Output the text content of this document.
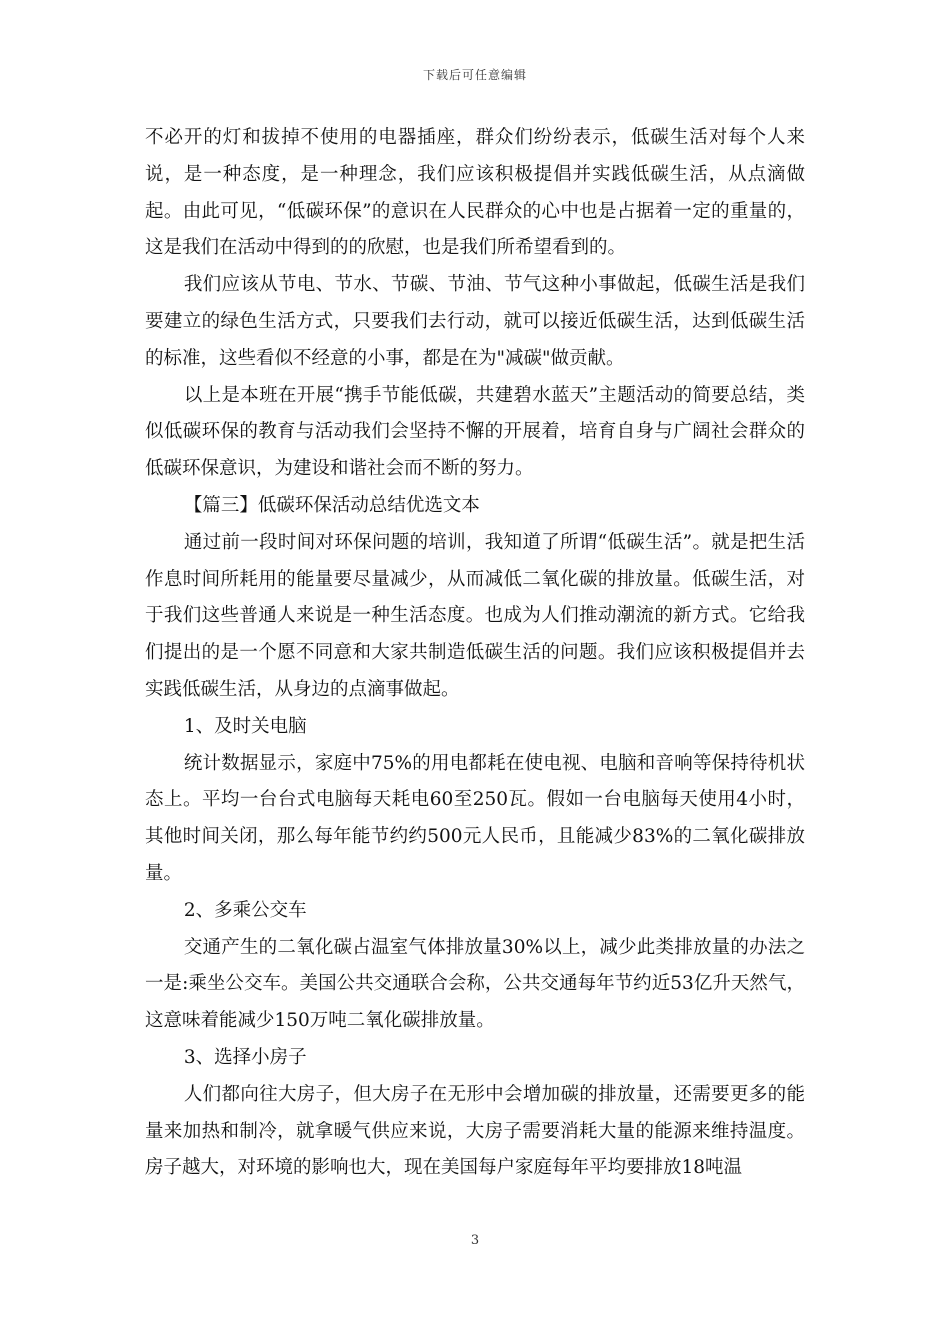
下载后可任意编辑

不必开的灯和拔掉不使用的电器插座，群众们纷纷表示，低碳生活对每个人来说，是一种态度，是一种理念，我们应该积极提倡并实践低碳生活，从点滴做起。由此可见，“低碳环保”的意识在人民群众的心中也是占据着一定的重量的，这是我们在活动中得到的的欣慰，也是我们所希望看到的。

我们应该从节电、节水、节碳、节油、节气这种小事做起，低碳生活是我们要建立的绿色生活方式，只要我们去行动，就可以接近低碳生活，达到低碳生活的标准，这些看似不经意的小事，都是在为"减碳"做贡献。

以上是本班在开展“携手节能低碳，共建碧水蓝天”主题活动的简要总结，类似低碳环保的教育与活动我们会坚持不懈的开展着，培育自身与广阔社会群众的低碳环保意识，为建设和谐社会而不断的努力。

【篇三】低碳环保活动总结优选文本

通过前一段时间对环保问题的培训，我知道了所谓“低碳生活”。就是把生活作息时间所耗用的能量要尽量减少，从而减低二氧化碳的排放量。低碳生活，对于我们这些普通人来说是一种生活态度。也成为人们推动潮流的新方式。它给我们提出的是一个愿不同意和大家共制造低碳生活的问题。我们应该积极提倡并去实践低碳生活，从身边的点滴事做起。

1、及时关电脑

统计数据显示，家庭中75%的用电都耗在使电视、电脑和音响等保持待机状态上。平均一台台式电脑每天耗电60至250瓦。假如一台电脑每天使用4小时，其他时间关闭，那么每年能节约约500元人民币，且能减少83%的二氧化碳排放量。

2、多乘公交车

交通产生的二氧化碳占温室气体排放量30%以上，减少此类排放量的办法之一是:乘坐公交车。美国公共交通联合会称，公共交通每年节约近53亿升天然气，这意味着能减少150万吨二氧化碳排放量。

3、选择小房子

人们都向往大房子，但大房子在无形中会增加碳的排放量，还需要更多的能量来加热和制冷，就拿暖气供应来说，大房子需要消耗大量的能源来维持温度。房子越大，对环境的影响也大，现在美国每户家庭每年平均要排放18吨温

3
